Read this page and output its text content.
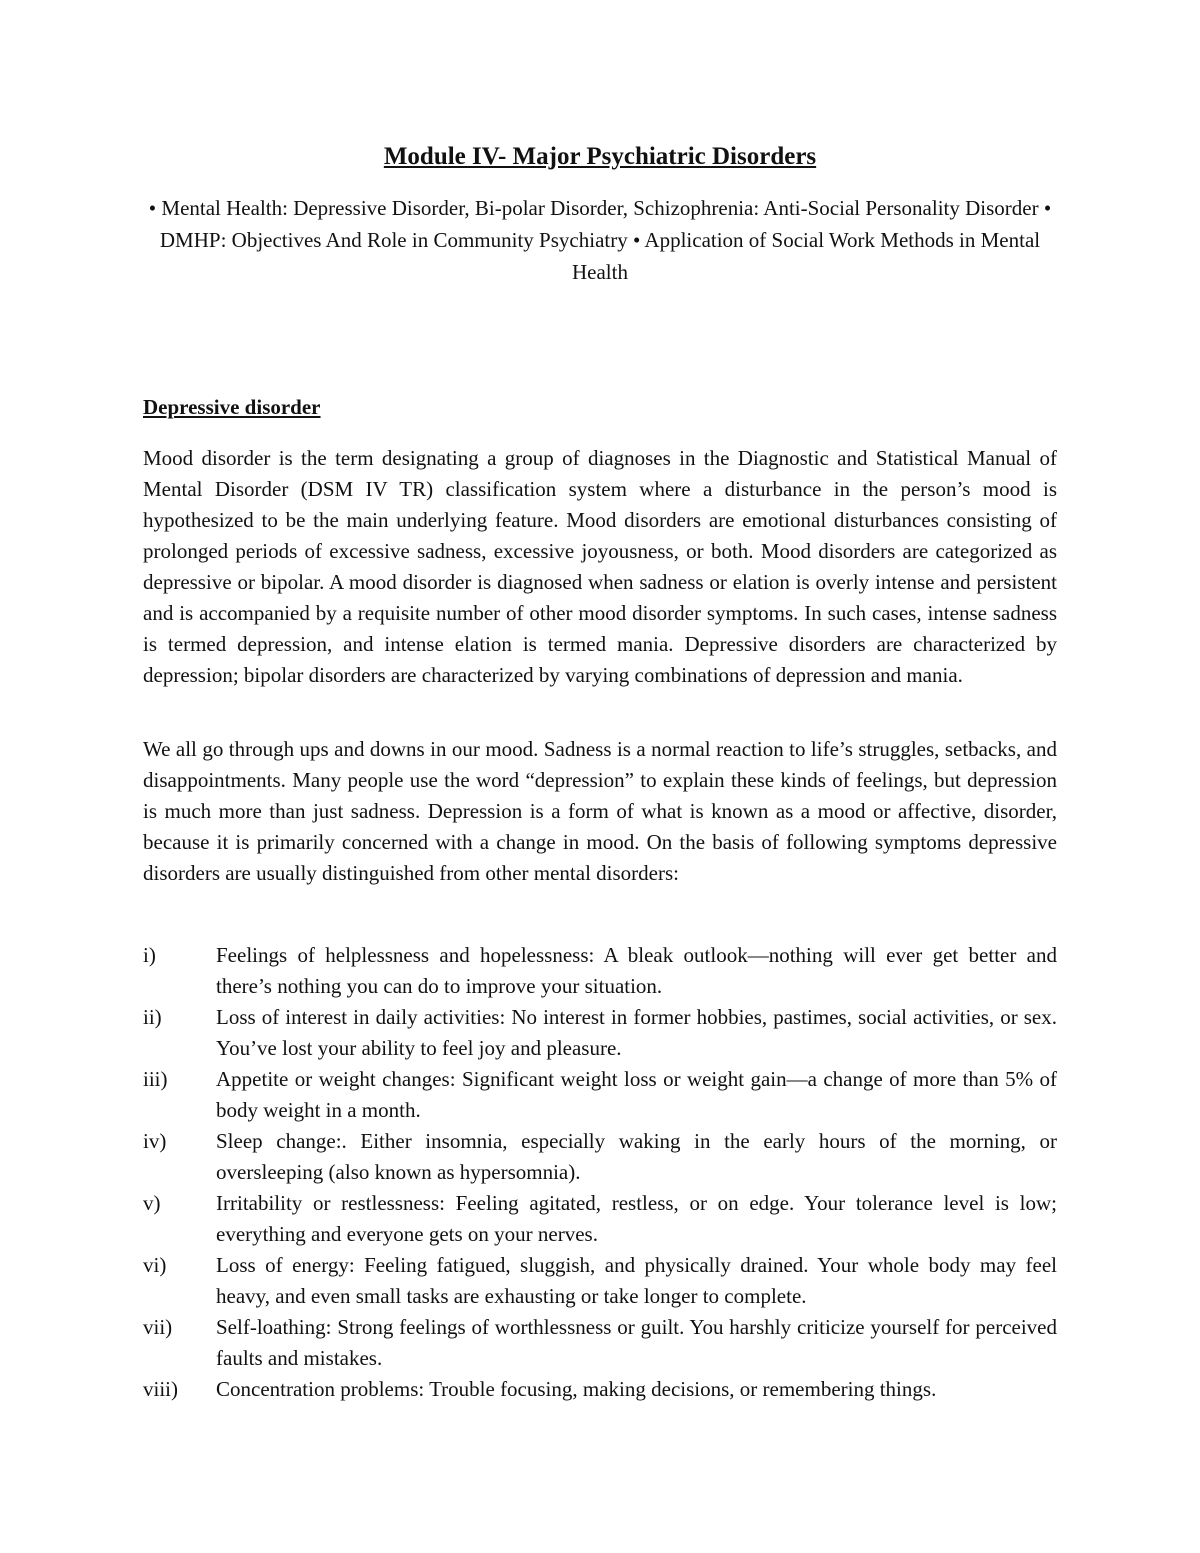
Module IV- Major Psychiatric Disorders

• Mental Health: Depressive Disorder, Bi-polar Disorder, Schizophrenia: Anti-Social Personality Disorder • DMHP: Objectives And Role in Community Psychiatry • Application of Social Work Methods in Mental Health

Depressive disorder

Mood disorder is the term designating a group of diagnoses in the Diagnostic and Statistical Manual of Mental Disorder (DSM IV TR) classification system where a disturbance in the person’s mood is hypothesized to be the main underlying feature. Mood disorders are emotional disturbances consisting of prolonged periods of excessive sadness, excessive joyousness, or both. Mood disorders are categorized as depressive or bipolar. A mood disorder is diagnosed when sadness or elation is overly intense and persistent and is accompanied by a requisite number of other mood disorder symptoms. In such cases, intense sadness is termed depression, and intense elation is termed mania. Depressive disorders are characterized by depression; bipolar disorders are characterized by varying combinations of depression and mania.

We all go through ups and downs in our mood. Sadness is a normal reaction to life’s struggles, setbacks, and disappointments. Many people use the word “depression” to explain these kinds of feelings, but depression is much more than just sadness. Depression is a form of what is known as a mood or affective, disorder, because it is primarily concerned with a change in mood. On the basis of following symptoms depressive disorders are usually distinguished from other mental disorders:

i)	Feelings of helplessness and hopelessness: A bleak outlook—nothing will ever get better and there’s nothing you can do to improve your situation.
ii)	Loss of interest in daily activities: No interest in former hobbies, pastimes, social activities, or sex. You’ve lost your ability to feel joy and pleasure.
iii)	Appetite or weight changes: Significant weight loss or weight gain—a change of more than 5% of body weight in a month.
iv)	Sleep change:. Either insomnia, especially waking in the early hours of the morning, or oversleeping (also known as hypersomnia).
v)	Irritability or restlessness: Feeling agitated, restless, or on edge. Your tolerance level is low; everything and everyone gets on your nerves.
vi)	Loss of energy: Feeling fatigued, sluggish, and physically drained. Your whole body may feel heavy, and even small tasks are exhausting or take longer to complete.
vii)	Self-loathing: Strong feelings of worthlessness or guilt. You harshly criticize yourself for perceived faults and mistakes.
viii)	Concentration problems: Trouble focusing, making decisions, or remembering things.
